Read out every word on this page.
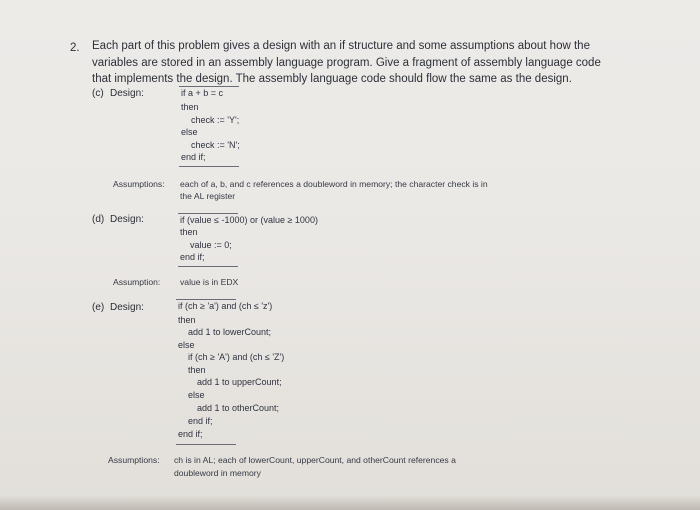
2. Each part of this problem gives a design with an if structure and some assumptions about how the
variables are stored in an assembly language program. Give a fragment of assembly language code
that implements the design. The assembly language code should flow the same as the design.
(c) Design:	if a + b = c
then
check := 'Y';
else
check := 'N';
end if;
Assumptions: each of a, b, and c references a doubleword in memory; the character check is in
the AL register
(d) Design:	if (value ≤ -1000) or (value ≥ 1000)
then
value := 0;
end if;
Assumption: value is in EDX
(e) Design:	if (ch ≥ 'a') and (ch ≤ 'z')
then
add 1 to lowerCount;
else
if (ch ≥ 'A') and (ch ≤ 'Z')
then
add 1 to upperCount;
else
add 1 to otherCount;
end if;
end if;
Assumptions: ch is in AL; each of lowerCount, upperCount, and otherCount references a
doubleword in memory
